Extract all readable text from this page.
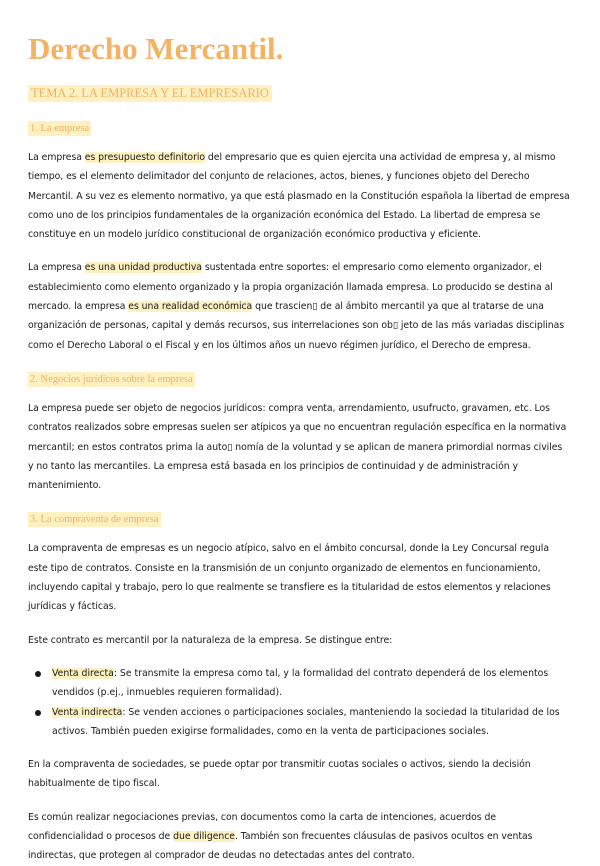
Derecho Mercantil.
TEMA 2. LA EMPRESA Y EL EMPRESARIO
1. La empresa

La empresa es presupuesto definitorio del empresario que es quien ejercita una actividad de empresa y, al mismo tiempo, es el elemento delimitador del conjunto de relaciones, actos, bienes, y funciones objeto del Derecho Mercantil. A su vez es elemento normativo, ya que está plasmado en la Constitución española la libertad de empresa como uno de los principios fundamentales de la organización económica del Estado. La libertad de empresa se constituye en un modelo jurídico constitucional de organización económico productiva y eficiente.

La empresa es una unidad productiva sustentada entre soportes: el empresario como elemento organizador, el establecimiento como elemento organizado y la propia organización llamada empresa. Lo producido se destina al mercado. la empresa es una realidad económica que trascien▯ de al ámbito mercantil ya que al tratarse de una organización de personas, capital y demás recursos, sus interrelaciones son ob▯ jeto de las más variadas disciplinas como el Derecho Laboral o el Fiscal y en los últimos años un nuevo régimen jurídico, el Derecho de empresa.

2. Negocios jurídicos sobre la empresa

La empresa puede ser objeto de negocios jurídicos: compra venta, arrendamiento, usufructo, gravamen, etc. Los contratos realizados sobre empresas suelen ser atípicos ya que no encuentran regulación específica en la normativa mercantil; en estos contratos prima la auto▯ nomía de la voluntad y se aplican de manera primordial normas civiles y no tanto las mercantiles. La empresa está basada en los principios de continuidad y de administración y mantenimiento.

3. La compraventa de empresa

La compraventa de empresas es un negocio atípico, salvo en el ámbito concursal, donde la Ley Concursal regula este tipo de contratos. Consiste en la transmisión de un conjunto organizado de elementos en funcionamiento, incluyendo capital y trabajo, pero lo que realmente se transfiere es la titularidad de estos elementos y relaciones jurídicas y fácticas.

Este contrato es mercantil por la naturaleza de la empresa. Se distingue entre:

Venta directa: Se transmite la empresa como tal, y la formalidad del contrato dependerá de los elementos vendidos (p.ej., inmuebles requieren formalidad).
Venta indirecta: Se venden acciones o participaciones sociales, manteniendo la sociedad la titularidad de los activos. También pueden exigirse formalidades, como en la venta de participaciones sociales.

En la compraventa de sociedades, se puede optar por transmitir cuotas sociales o activos, siendo la decisión habitualmente de tipo fiscal.

Es común realizar negociaciones previas, con documentos como la carta de intenciones, acuerdos de confidencialidad o procesos de due diligence. También son frecuentes cláusulas de pasivos ocultos en ventas indirectas, que protegen al comprador de deudas no detectadas antes del contrato.
